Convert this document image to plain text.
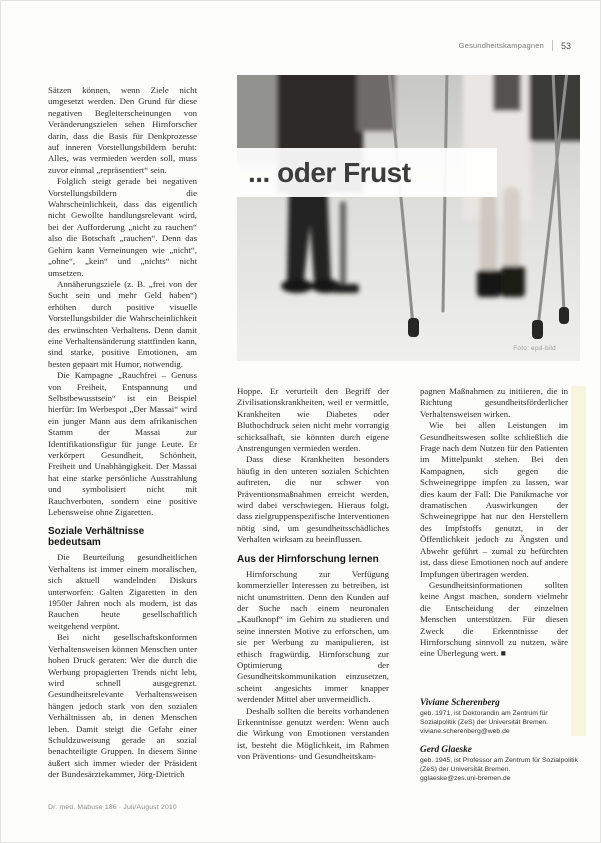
Gesundheitskampagnen 53
Foto: epd-bild
... oder Frust

Sätzen können, wenn Ziele nicht umgesetzt werden. Den Grund für diese negativen Begleiterscheinungen von Veränderungszielen sehen Hirnforscher darin, dass die Basis für Denkprozesse auf inneren Vorstellungsbildern beruht: Alles, was vermieden werden soll, muss zuvor einmal „repräsentiert“ sein.

Folglich steigt gerade bei negativen Vorstellungsbildern die Wahrscheinlichkeit, dass das eigentlich nicht Gewollte handlungsrelevant wird, bei der Aufforderung „nicht zu rauchen“ also die Botschaft „rauchen“. Denn das Gehirn kann Verneinungen wie „nicht“, „ohne“, „kein“ und „nichts“ nicht umsetzen.

Annäherungsziele (z. B. „frei von der Sucht sein und mehr Geld haben“) erhöhen durch positive visuelle Vorstellungsbilder die Wahrscheinlichkeit des erwünschten Verhaltens. Denn damit eine Verhaltensänderung stattfinden kann, sind starke, positive Emotionen, am besten gepaart mit Humor, notwendig.

Die Kampagne „Rauchfrei – Genuss von Freiheit, Entspannung und Selbstbewusstsein“ ist ein Beispiel hierfür: Im Werbespot „Der Massai“ wird ein junger Mann aus dem afrikanischen Stamm der Massai zur Identifikationsfigur für junge Leute. Er verkörpert Gesundheit, Schönheit, Freiheit und Unabhängigkeit. Der Massai hat eine starke persönliche Ausstrahlung und symbolisiert nicht mit Rauchverboten, sondern eine positive Lebensweise ohne Zigaretten.

Soziale Verhältnisse bedeutsam

Die Beurteilung gesundheitlichen Verhaltens ist immer einem moralischen, sich aktuell wandelnden Diskurs unterworfen: Galten Zigaretten in den 1950er Jahren noch als modern, ist das Rauchen heute gesellschaftlich weitgehend verpönt.

Bei nicht gesellschaftskonformen Verhaltensweisen können Menschen unter hohen Druck geraten: Wer die durch die Werbung propagierten Trends nicht lebt, wird schnell ausgegrenzt. Gesundheitsrelevante Verhaltensweisen hängen jedoch stark von den sozialen Verhältnissen ab, in denen Menschen leben. Damit steigt die Gefahr einer Schuldzuweisung gerade an sozial benachteiligte Gruppen. In diesem Sinne äußert sich immer wieder der Präsident der Bundesärztekammer, Jörg-Dietrich

Hoppe. Er verurteilt den Begriff der Zivilisationskrankheiten, weil er vermittle, Krankheiten wie Diabetes oder Bluthochdruck seien nicht mehr vorrangig schicksalhaft, sie könnten durch eigene Anstrengungen vermieden werden.

Dass diese Krankheiten besonders häufig in den unteren sozialen Schichten auftreten, die nur schwer von Präventionsmaßnahmen erreicht werden, wird dabei verschwiegen. Hieraus folgt, dass zielgruppenspezifische Interventionen nötig sind, um gesundheitsschädliches Verhalten wirksam zu beeinflussen.

Aus der Hirnforschung lernen

Hirnforschung zur Verfügung kommerzieller Interessen zu betreiben, ist nicht unumstritten. Denn den Kunden auf der Suche nach einem neuronalen „Kaufknopf“ im Gehirn zu studieren und seine innersten Motive zu erforschen, um sie per Werbung zu manipulieren, ist ethisch fragwürdig. Hirnforschung zur Optimierung der Gesundheitskommunikation einzusetzen, scheint angesichts immer knapper werdender Mittel aber unvermeidlich.

Deshalb sollten die bereits vorhandenen Erkenntnisse genutzt werden: Wenn auch die Wirkung von Emotionen verstanden ist, besteht die Möglichkeit, im Rahmen von Präventions- und Gesundheitskam-

pagnen Maßnahmen zu initiieren, die in Richtung gesundheitsförderlicher Verhaltensweisen wirken.

Wie bei allen Leistungen im Gesundheitswesen sollte schließlich die Frage nach dem Nutzen für den Patienten im Mittelpunkt stehen. Bei den Kampagnen, sich gegen die Schweinegrippe impfen zu lassen, war dies kaum der Fall: Die Panikmache vor dramatischen Auswirkungen der Schweinegrippe hat nur den Herstellern des Impfstoffs genutzt, in der Öffentlichkeit jedoch zu Ängsten und Abwehr geführt – zumal zu befürchten ist, dass diese Emotionen noch auf andere Impfungen übertragen werden.

Gesundheitsinformationen sollten keine Angst machen, sondern vielmehr die Entscheidung der einzelnen Menschen unterstützen. Für diesen Zweck die Erkenntnisse der Hirnforschung sinnvoll zu nutzen, wäre eine Überlegung wert. ■

Viviane Scherenberg

geb. 1971, ist Doktorandin am Zentrum für Sozialpolitik (ZeS) der Universität Bremen.

viviane.scherenberg@web.de

Gerd Glaeske

geb. 1945, ist Professor am Zentrum für Sozialpolitik (ZeS) der Universität Bremen.

gglaeske@zes.uni-bremen.de

Dr. med. Mabuse 186 · Juli/August 2010
